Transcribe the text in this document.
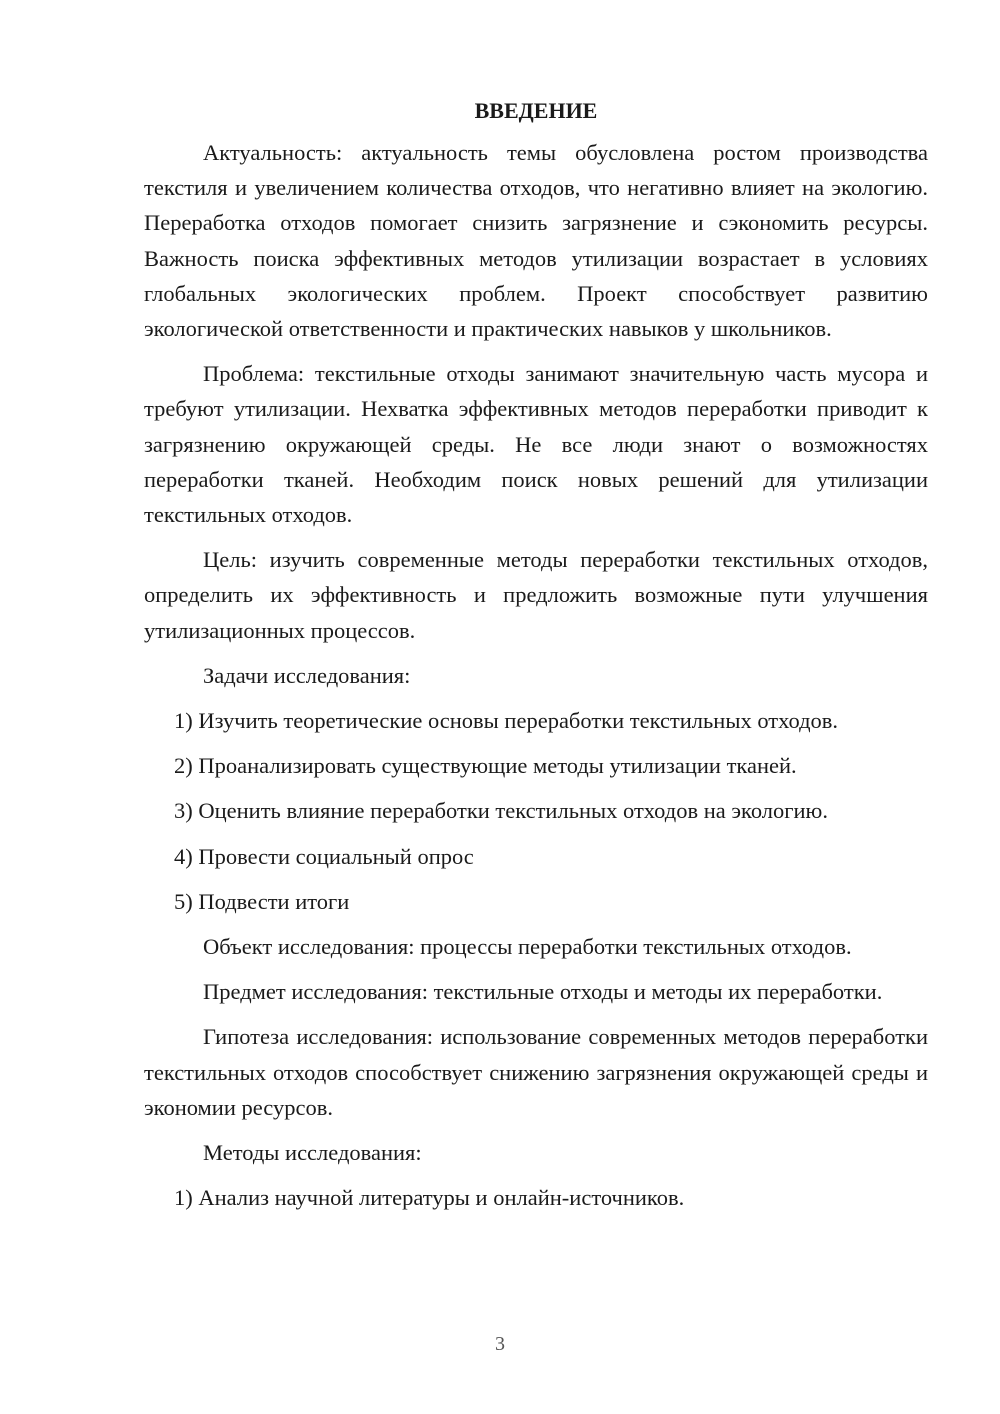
ВВЕДЕНИЕ

Актуальность: актуальность темы обусловлена ростом производства текстиля и увеличением количества отходов, что негативно влияет на экологию. Переработка отходов помогает снизить загрязнение и сэкономить ресурсы. Важность поиска эффективных методов утилизации возрастает в условиях глобальных экологических проблем. Проект способствует развитию экологической ответственности и практических навыков у школьников.

Проблема: текстильные отходы занимают значительную часть мусора и требуют утилизации. Нехватка эффективных методов переработки приводит к загрязнению окружающей среды. Не все люди знают о возможностях переработки тканей. Необходим поиск новых решений для утилизации текстильных отходов.

Цель: изучить современные методы переработки текстильных отходов, определить их эффективность и предложить возможные пути улучшения утилизационных процессов.

Задачи исследования:
1) Изучить теоретические основы переработки текстильных отходов.
2) Проанализировать существующие методы утилизации тканей.
3) Оценить влияние переработки текстильных отходов на экологию.
4) Провести социальный опрос
5) Подвести итоги

Объект исследования: процессы переработки текстильных отходов.

Предмет исследования: текстильные отходы и методы их переработки.

Гипотеза исследования: использование современных методов переработки текстильных отходов способствует снижению загрязнения окружающей среды и экономии ресурсов.

Методы исследования:
1) Анализ научной литературы и онлайн-источников.
3
